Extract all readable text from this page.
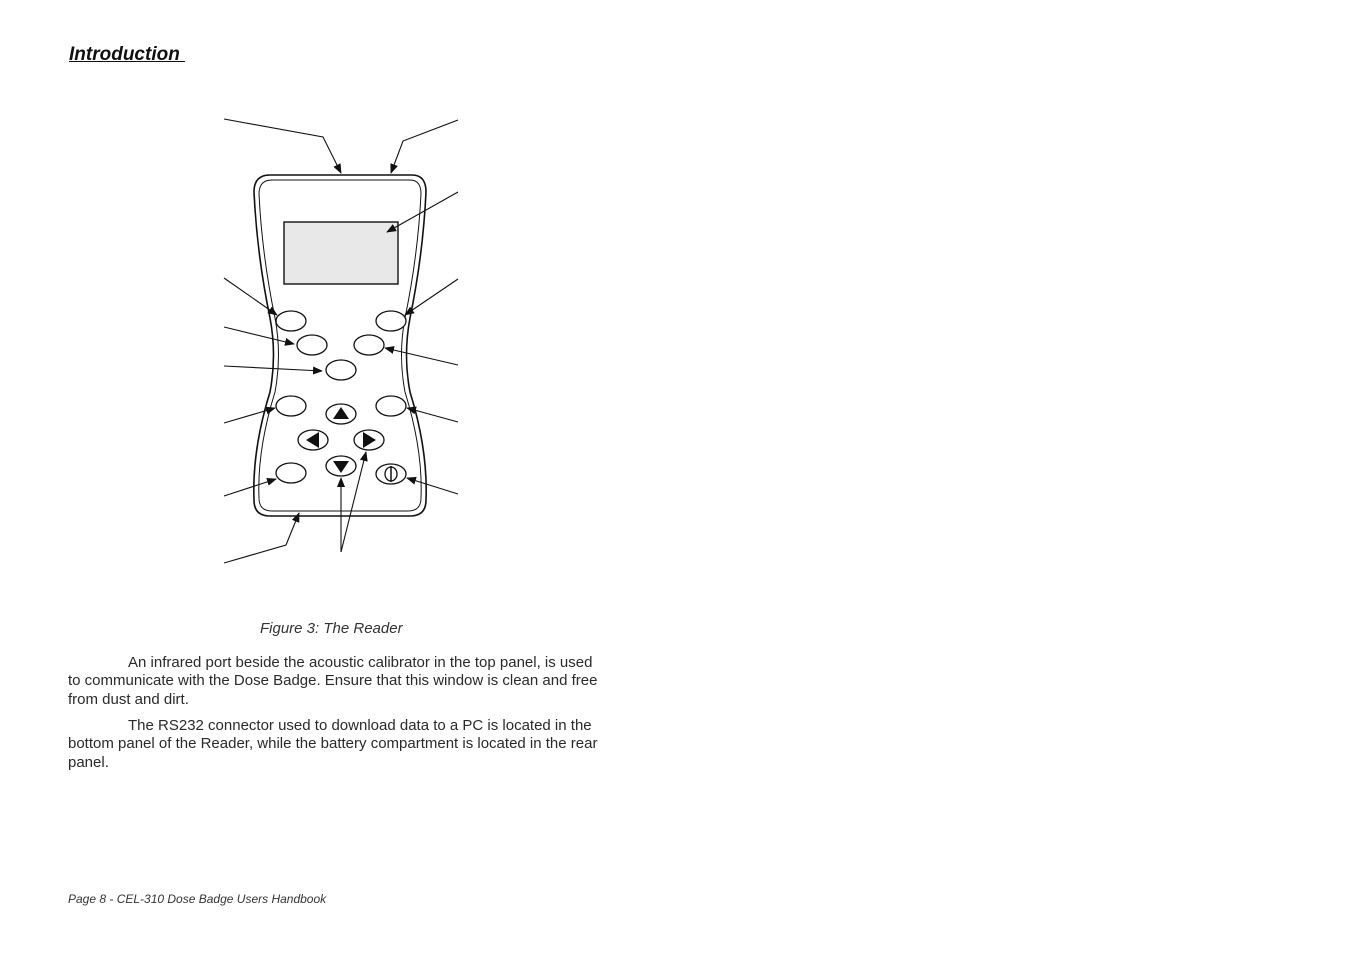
Introduction
Figure 3: The Reader

An infrared port beside the acoustic calibrator in the top panel, is used to communicate with the Dose Badge. Ensure that this window is clean and free from dust and dirt.

The RS232 connector used to download data to a PC is located in the bottom panel of the Reader, while the battery compartment is located in the rear panel.

Page 8 - CEL-310 Dose Badge Users Handbook
